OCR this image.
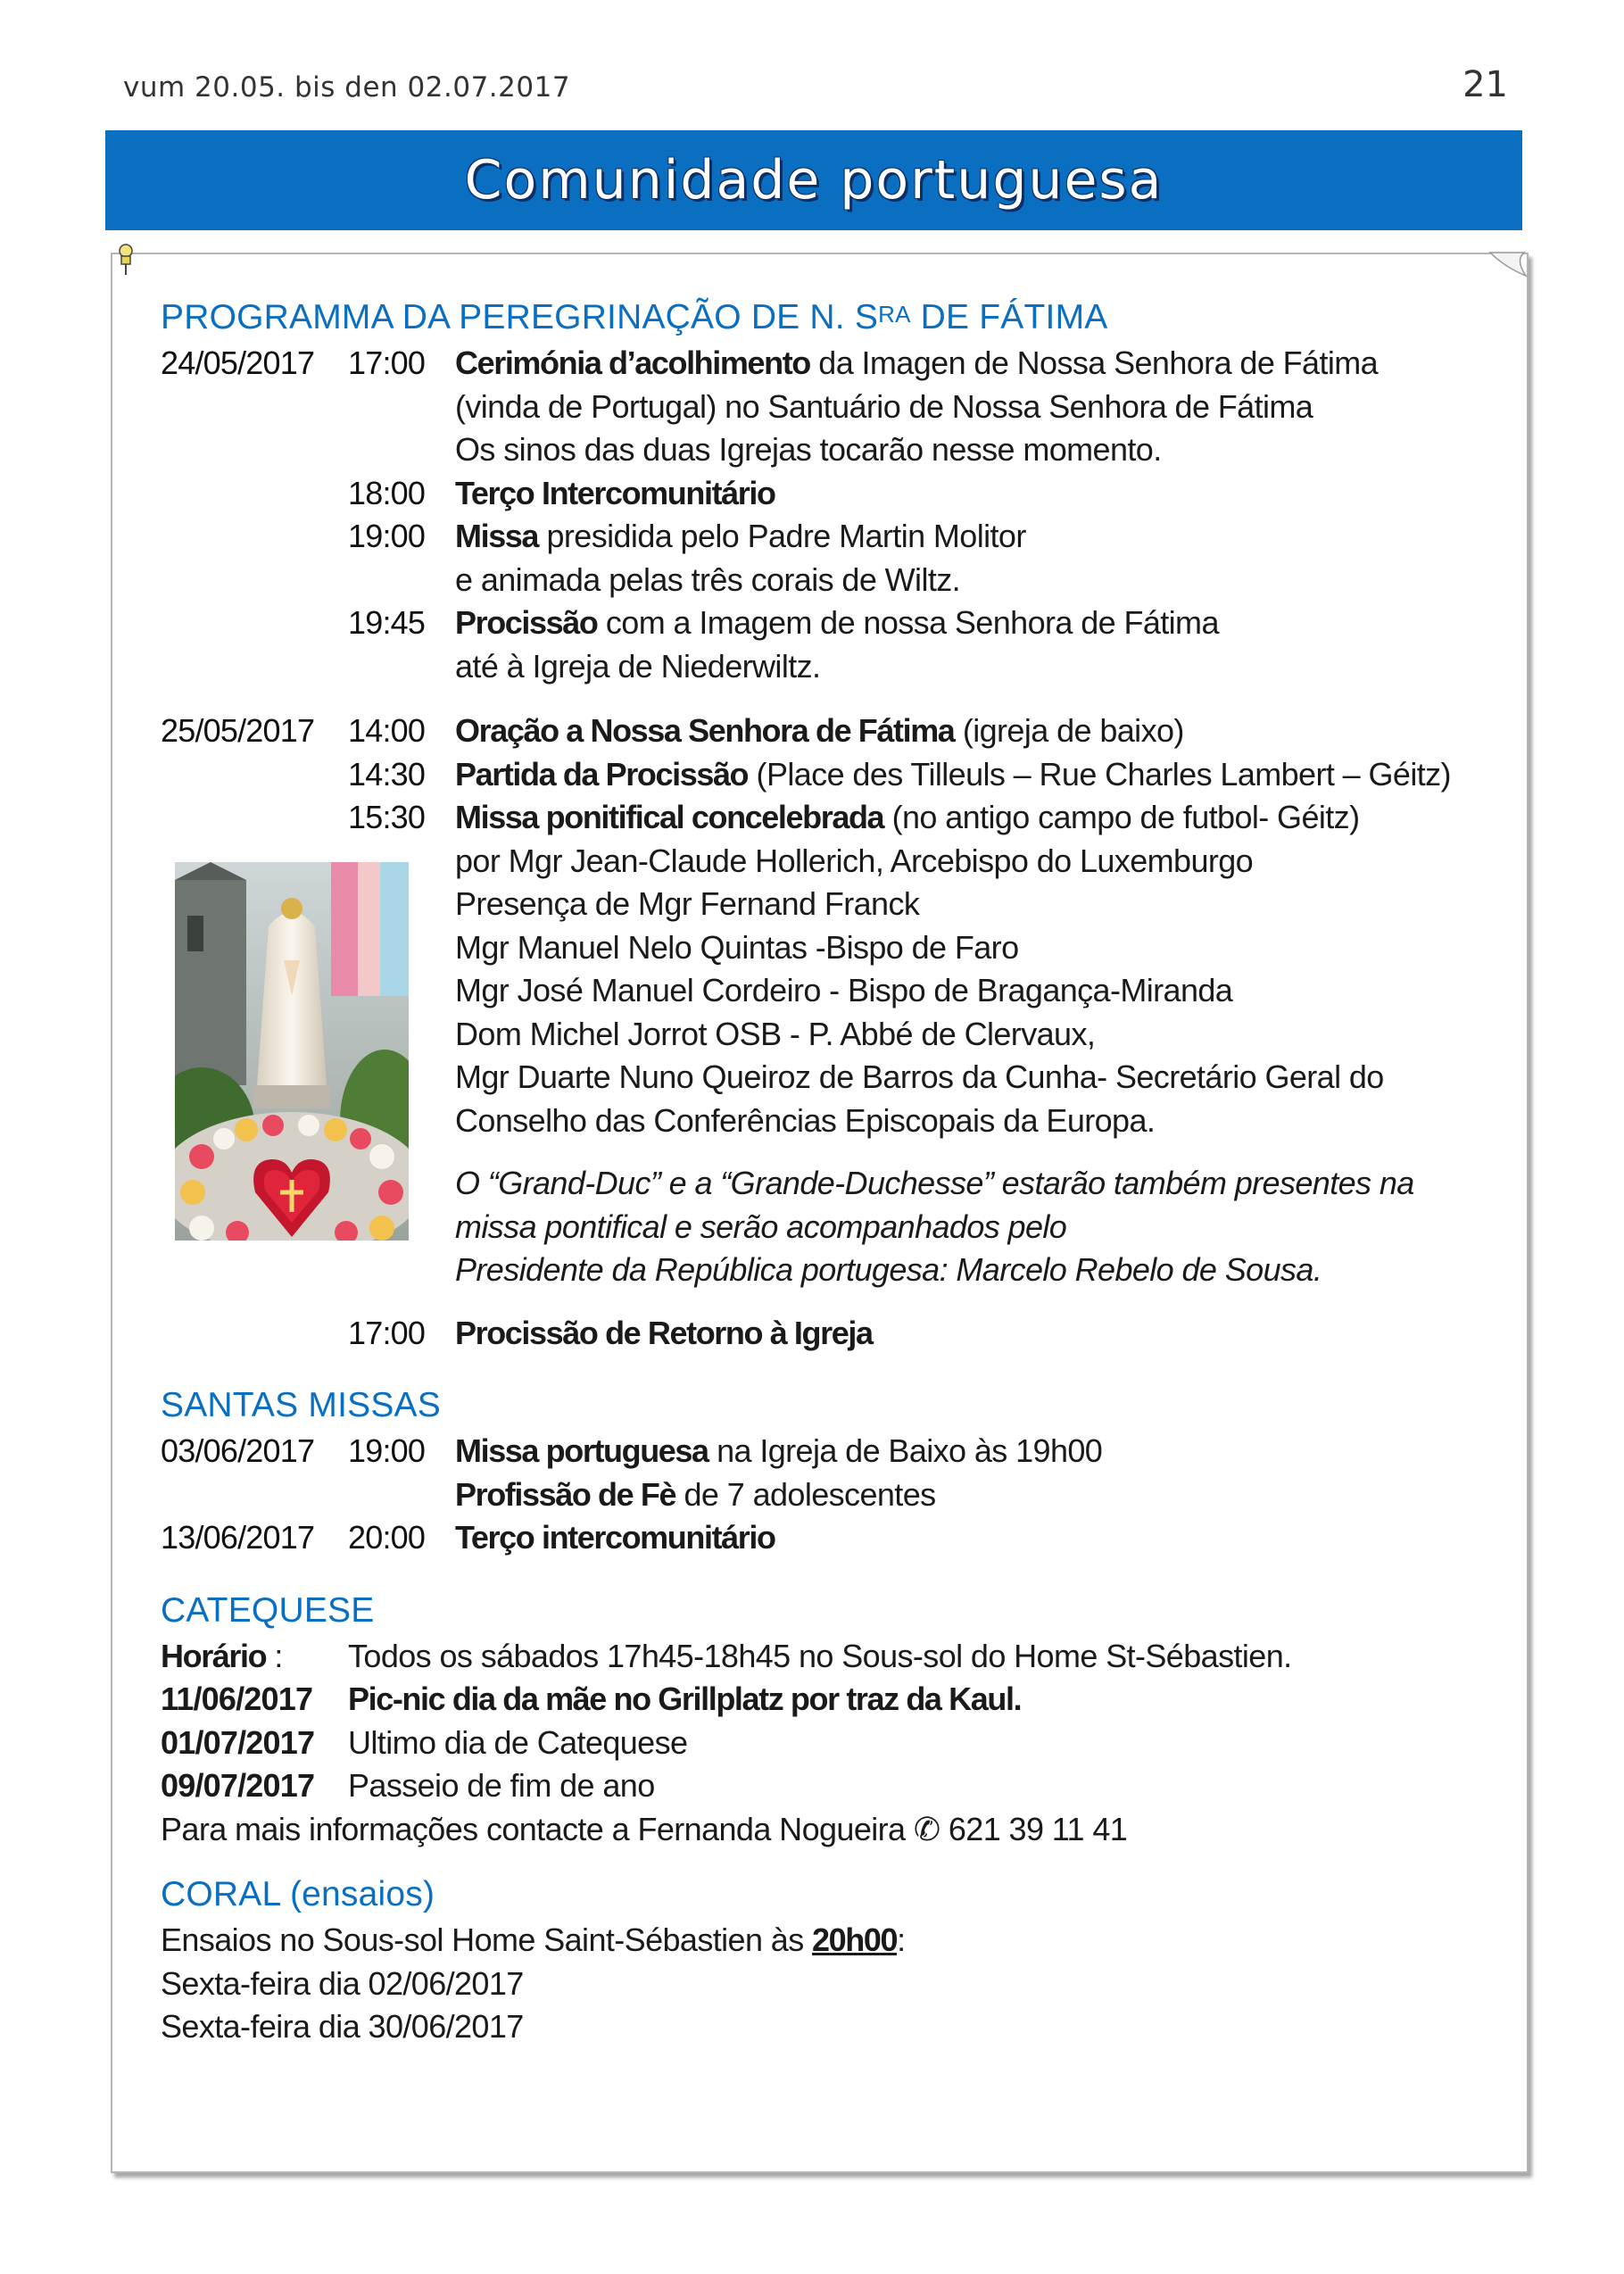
vum 20.05. bis den 02.07.2017	21
Comunidade portuguesa
PROGRAMMA DA PEREGRINAÇÃO DE N. SRA DE FÁTIMA
24/05/2017	17:00 Cerimónia d’acolhimento da Imagen de Nossa Senhora de Fátima
(vinda de Portugal) no Santuário de Nossa Senhora de Fátima
Os sinos das duas Igrejas tocarão nesse momento.
18:00 Terço Intercomunitário
19:00 Missa presidida pelo Padre Martin Molitor
e animada pelas três corais de Wiltz.
19:45 Procissão com a Imagem de nossa Senhora de Fátima
até à Igreja de Niederwiltz.
25/05/2017	14:00 Oração a Nossa Senhora de Fátima (igreja de baixo)
14:30 Partida da Procissão (Place des Tilleuls – Rue Charles Lambert – Géitz)
15:30 Missa ponitifical concelebrada (no antigo campo de futbol- Géitz)
por Mgr Jean-Claude Hollerich, Arcebispo do Luxemburgo
Presença de Mgr Fernand Franck
Mgr Manuel Nelo Quintas -Bispo de Faro
Mgr José Manuel Cordeiro - Bispo de Bragança-Miranda
Dom Michel Jorrot OSB - P. Abbé de Clervaux,
Mgr Duarte Nuno Queiroz de Barros da Cunha- Secretário Geral do
Conselho das Conferências Episcopais da Europa.
O “Grand-Duc” e a “Grande-Duchesse” estarão também presentes na
missa pontifical e serão acompanhados pelo
Presidente da República portugesa: Marcelo Rebelo de Sousa.
17:00 Procissão de Retorno à Igreja
SANTAS MISSAS
03/06/2017	19:00 Missa portuguesa na Igreja de Baixo às 19h00
Profissão de Fè de 7 adolescentes
13/06/2017	20:00 Terço intercomunitário
CATEQUESE
Horário :	Todos os sábados 17h45-18h45 no Sous-sol do Home St-Sébastien.
11/06/2017	Pic-nic dia da mãe no Grillplatz por traz da Kaul.
01/07/2017	Ultimo dia de Catequese
09/07/2017	Passeio de fim de ano
Para mais informações contacte a Fernanda Nogueira ✆ 621 39 11 41
CORAL (ensaios)
Ensaios no Sous-sol Home Saint-Sébastien às 20h00:
Sexta-feira dia 02/06/2017
Sexta-feira dia 30/06/2017
